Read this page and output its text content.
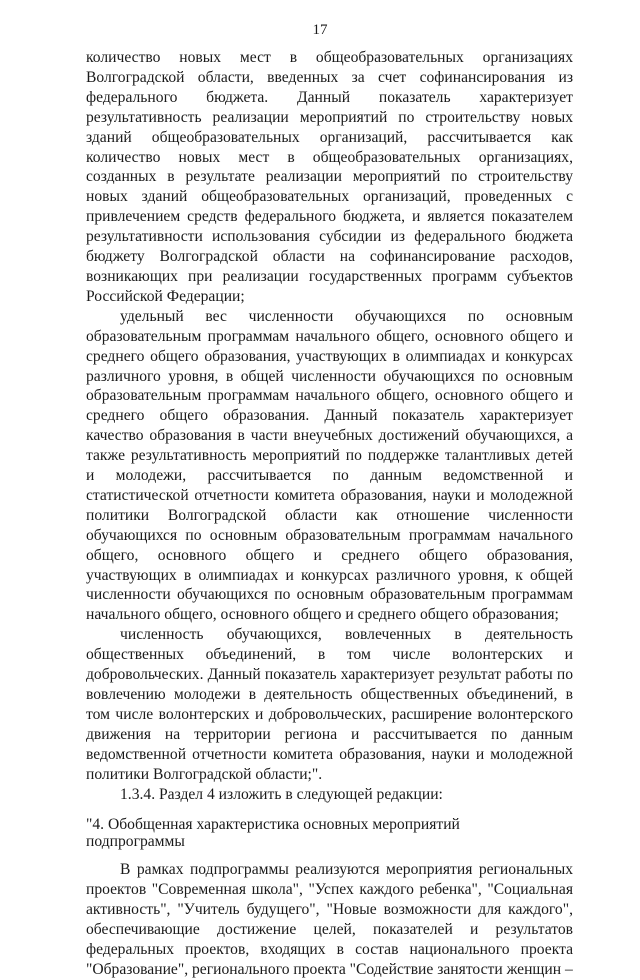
17

количество новых мест в общеобразовательных организациях Волгоградской области, введенных за счет софинансирования из федерального бюджета. Данный показатель характеризует результативность реализации мероприятий по строительству новых зданий общеобразовательных организаций, рассчитывается как количество новых мест в общеобразовательных организациях, созданных в результате реализации мероприятий по строительству новых зданий общеобразовательных организаций, проведенных с привлечением средств федерального бюджета, и является показателем результативности использования субсидии из федерального бюджета бюджету Волгоградской области на софинансирование расходов, возникающих при реализации государственных программ субъектов Российской Федерации;

удельный вес численности обучающихся по основным образовательным программам начального общего, основного общего и среднего общего образования, участвующих в олимпиадах и конкурсах различного уровня, в общей численности обучающихся по основным образовательным программам начального общего, основного общего и среднего общего образования. Данный показатель характеризует качество образования в части внеучебных достижений обучающихся, а также результативность мероприятий по поддержке талантливых детей и молодежи, рассчитывается по данным ведомственной и статистической отчетности комитета образования, науки и молодежной политики Волгоградской области как отношение численности обучающихся по основным образовательным программам начального общего, основного общего и среднего общего образования, участвующих в олимпиадах и конкурсах различного уровня, к общей численности обучающихся по основным образовательным программам начального общего, основного общего и среднего общего образования;

численность обучающихся, вовлеченных в деятельность общественных объединений, в том числе волонтерских и добровольческих. Данный показатель характеризует результат работы по вовлечению молодежи в деятельность общественных объединений, в том числе волонтерских и добровольческих, расширение волонтерского движения на территории региона и рассчитывается по данным ведомственной отчетности комитета образования, науки и молодежной политики Волгоградской области;".

1.3.4. Раздел 4 изложить в следующей редакции:

"4. Обобщенная характеристика основных мероприятий
подпрограммы

В рамках подпрограммы реализуются мероприятия региональных проектов "Современная школа", "Успех каждого ребенка", "Социальная активность", "Учитель будущего", "Новые возможности для каждого", обеспечивающие достижение целей, показателей и результатов федеральных проектов, входящих в состав национального проекта "Образование", регионального проекта "Содействие занятости женщин –
